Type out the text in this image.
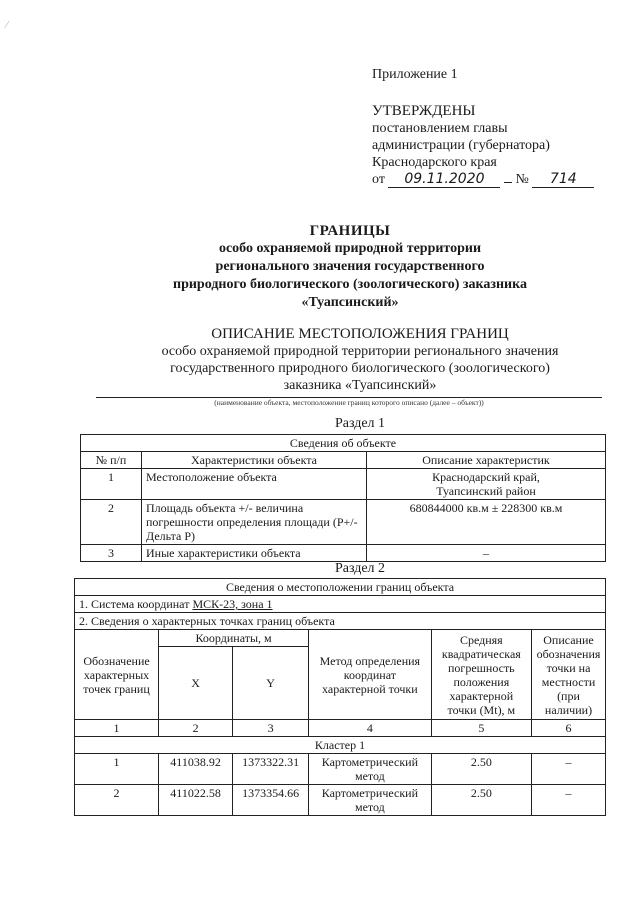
⁄
Приложение 1
УТВЕРЖДЕНЫ
постановлением главы
администрации (губернатора)
Краснодарского края
от 09.11.2020 № 714
ГРАНИЦЫ
особо охраняемой природной территории
регионального значения государственного
природного биологического (зоологического) заказника
«Туапсинский»
ОПИСАНИЕ МЕСТОПОЛОЖЕНИЯ ГРАНИЦ
особо охраняемой природной территории регионального значения
государственного природного биологического (зоологического)
заказника «Туапсинский»
(наименование объекта, местоположение границ которого описано (далее – объект))
Раздел 1
Сведения об объекте		
№ п/п	Характеристики объекта	Описание характеристик
1	Местоположение объекта	Краснодарский край,
Туапсинский район

2	Площадь объекта +/- величина погрешности определения площади (Р+/- Дельта Р)	680844000 кв.м ± 228300 кв.м
3	Иные характеристики объекта	–
Раздел 2
Сведения о местоположении границ объекта					
1. Система координат МСК-23, зона 1					
2. Сведения о характерных точках границ объекта					
Обозначение характерных точек границ	Координаты, м		Метод определения координат характерной точки	Средняя квадратическая погрешность положения характерной точки (Mt), м	Описание обозначения точки на местности (при наличии)
	X	Y			
1	2	3	4	5	6
Кластер 1					
1	411038.92	1373322.31	Картометрический метод	2.50	–
2	411022.58	1373354.66	Картометрический метод	2.50	–
